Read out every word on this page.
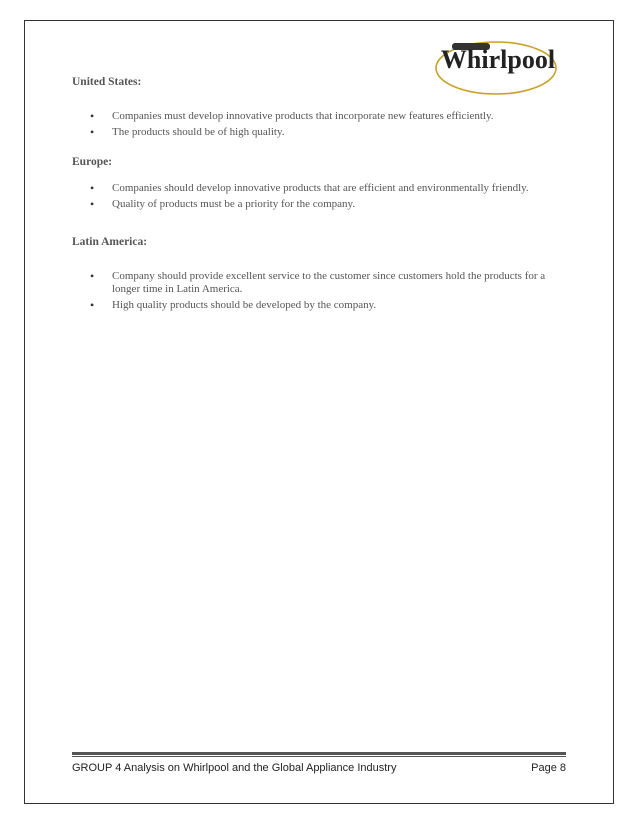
Whirlpool

United States:

• Companies must develop innovative products that incorporate new features efficiently.
• The products should be of high quality.

Europe:

• Companies should develop innovative products that are efficient and environmentally friendly.
• Quality of products must be a priority for the company.

Latin America:

• Company should provide excellent service to the customer since customers hold the products for a longer time in Latin America.
• High quality products should be developed by the company.
GROUP 4 Analysis on Whirlpool and the Global Appliance Industry	Page 8
